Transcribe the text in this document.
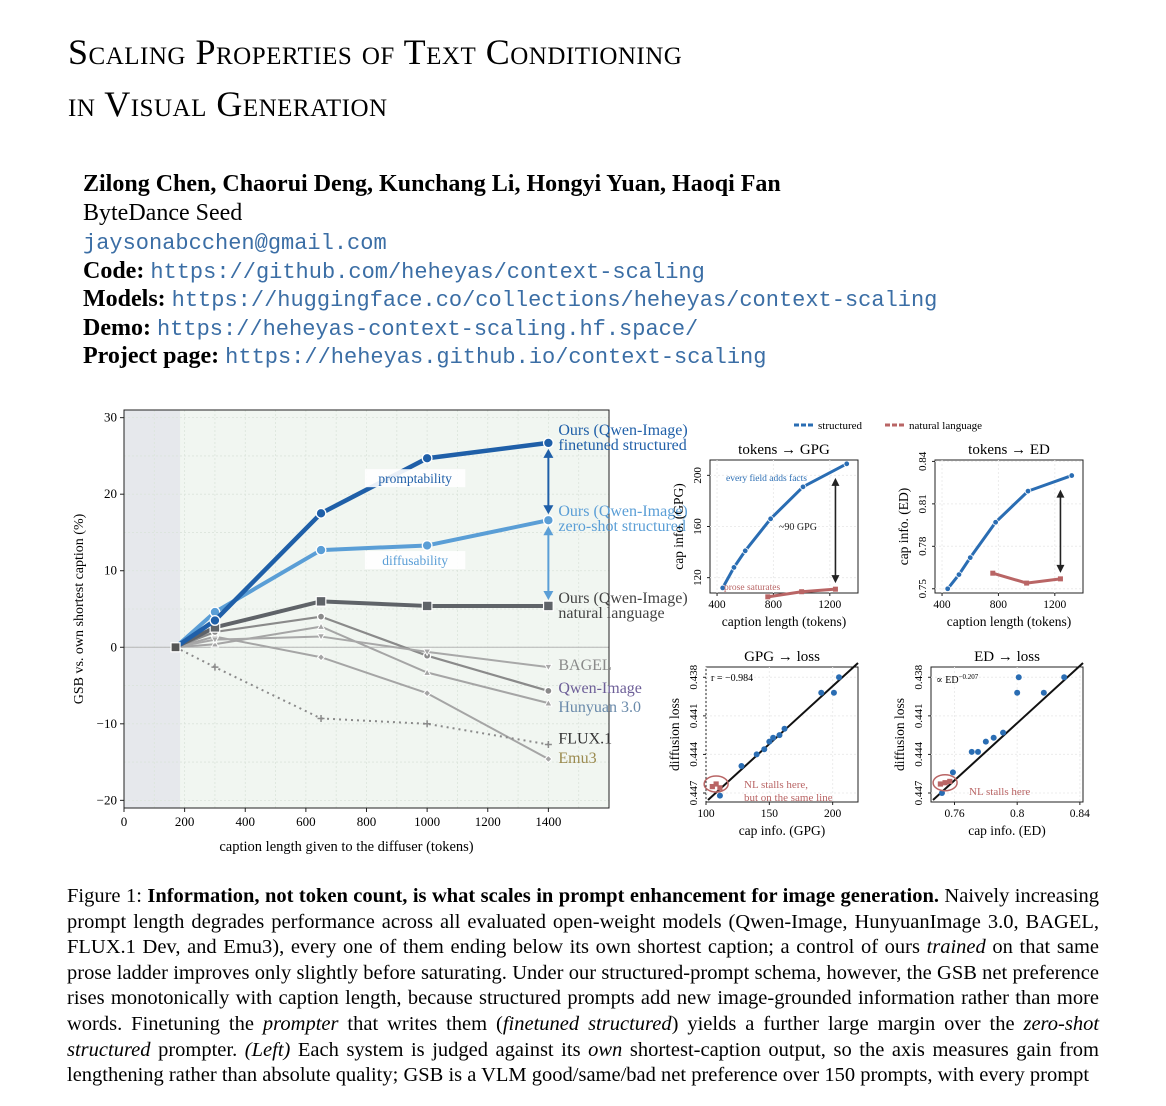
Scaling Properties of Text Conditioning
in Visual Generation
Zilong Chen, Chaorui Deng, Kunchang Li, Hongyi Yuan, Haoqi Fan
ByteDance Seed
jaysonabcchen@gmail.com
Code: https://github.com/heheyas/context-scaling
Models: https://huggingface.co/collections/heheyas/context-scaling
Demo: https://heheyas-context-scaling.hf.space/
Project page: https://heheyas.github.io/context-scaling
0	200	400	600	800	1000	1200	1400
−20
−10
0
10
20
30
caption length given to the diffuser (tokens)
GSB vs. own shortest caption (%)
promptability
diffusability
Ours (Qwen-Image)
finetuned structured
Ours (Qwen-Image)
zero-shot structured
Ours (Qwen-Image)
natural language
BAGEL
Qwen-Image
Hunyuan 3.0
FLUX.1
Emu3
structured	natural language
tokens → GPG
400	800	1200
120
160
200
caption length (tokens)
cap info. (GPG)
every field adds facts
~90 GPG
prose saturates
tokens → ED
400	800	1200
0.75
0.78
0.81
0.84
caption length (tokens)
cap info. (ED)
GPG → loss
100	150	200
0.438
0.441
0.444
0.447
cap info. (GPG)
diffusion loss
r = −0.984
NL stalls here,
but on the same line
ED → loss
0.76	0.8	0.84
0.438
0.441
0.444
0.447
cap info. (ED)
diffusion loss
∝ $ED^{-0.207}$
NL stalls here

Figure 1: Information, not token count, is what scales in prompt enhancement for image generation. Naively increasing prompt length degrades performance across all evaluated open-weight models (Qwen-Image, HunyuanImage 3.0, BAGEL, FLUX.1 Dev, and Emu3), every one of them ending below its own shortest caption; a control of ours trained on that same prose ladder improves only slightly before saturating. Under our structured-prompt schema, however, the GSB net preference rises monotonically with caption length, because structured prompts add new image-grounded information rather than more words. Finetuning the prompter that writes them (finetuned structured) yields a further large margin over the zero-shot structured prompter. (Left) Each system is judged against its own shortest-caption output, so the axis measures gain from lengthening rather than absolute quality; GSB is a VLM good/same/bad net preference over 150 prompts, with every prompt
